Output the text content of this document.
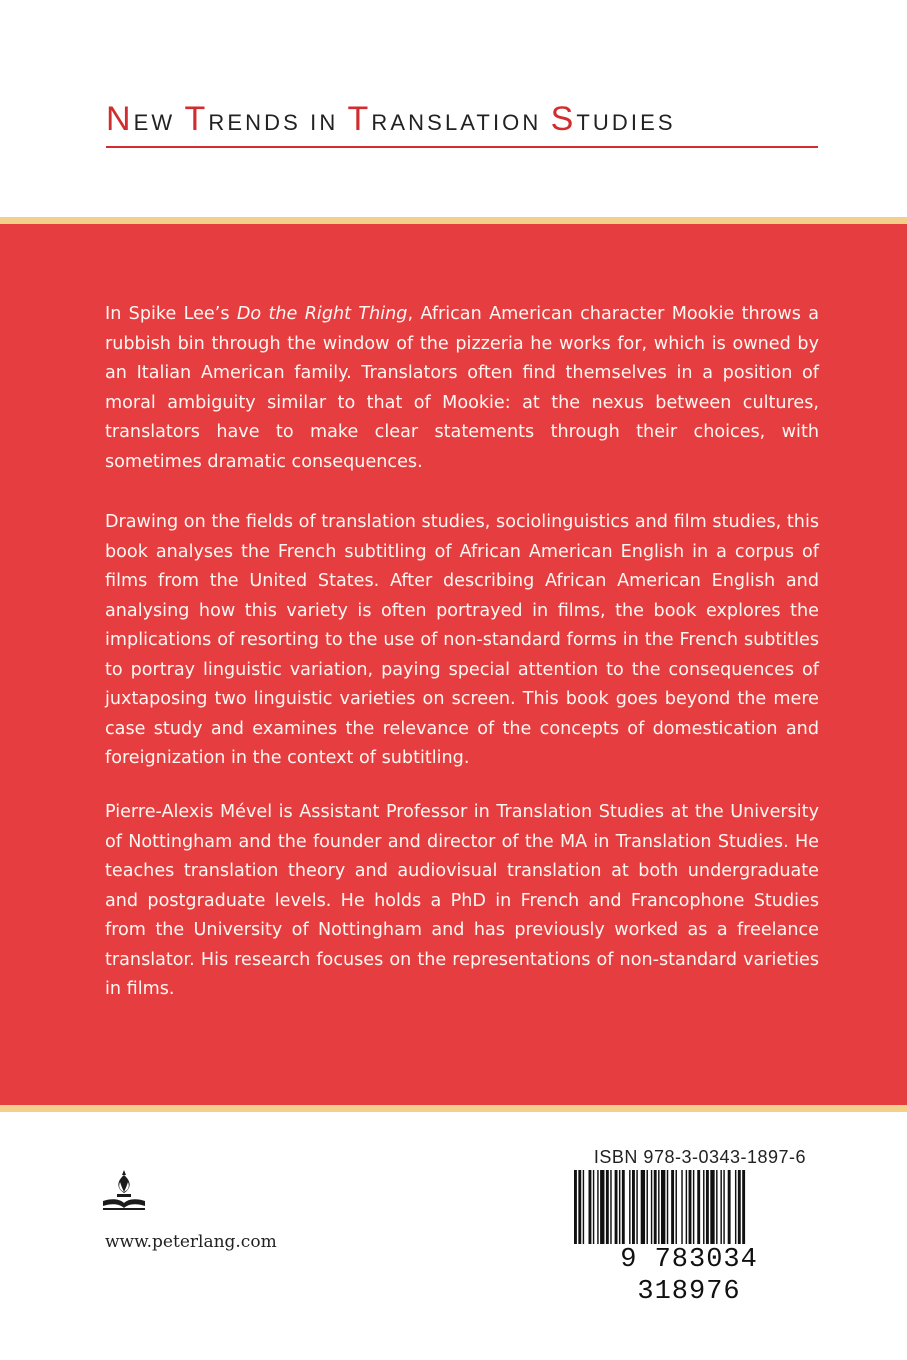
NEW TRENDS IN TRANSLATION STUDIES

In Spike Lee’s Do the Right Thing, African American character Mookie throws a rubbish bin through the window of the pizzeria he works for, which is owned by an Italian American family. Translators often find themselves in a position of moral ambiguity similar to that of Mookie: at the nexus between cultures, translators have to make clear statements through their choices, with sometimes dramatic consequences.

Drawing on the fields of translation studies, sociolinguistics and film studies, this book analyses the French subtitling of African American English in a corpus of films from the United States. After describing African American English and analysing how this variety is often portrayed in films, the book explores the implications of resorting to the use of non-standard forms in the French subtitles to portray linguistic variation, paying special attention to the consequences of juxtaposing two linguistic varieties on screen. This book goes beyond the mere case study and examines the relevance of the concepts of domestication and foreignization in the context of subtitling.

Pierre-Alexis Mével is Assistant Professor in Translation Studies at the University of Nottingham and the founder and director of the MA in Translation Studies. He teaches translation theory and audiovisual translation at both undergraduate and postgraduate levels. He holds a PhD in French and Francophone Studies from the University of Nottingham and has previously worked as a freelance translator. His research focuses on the representations of non-standard varieties in films.

www.peterlang.com
ISBN 978-3-0343-1897-6
9 783034 318976
